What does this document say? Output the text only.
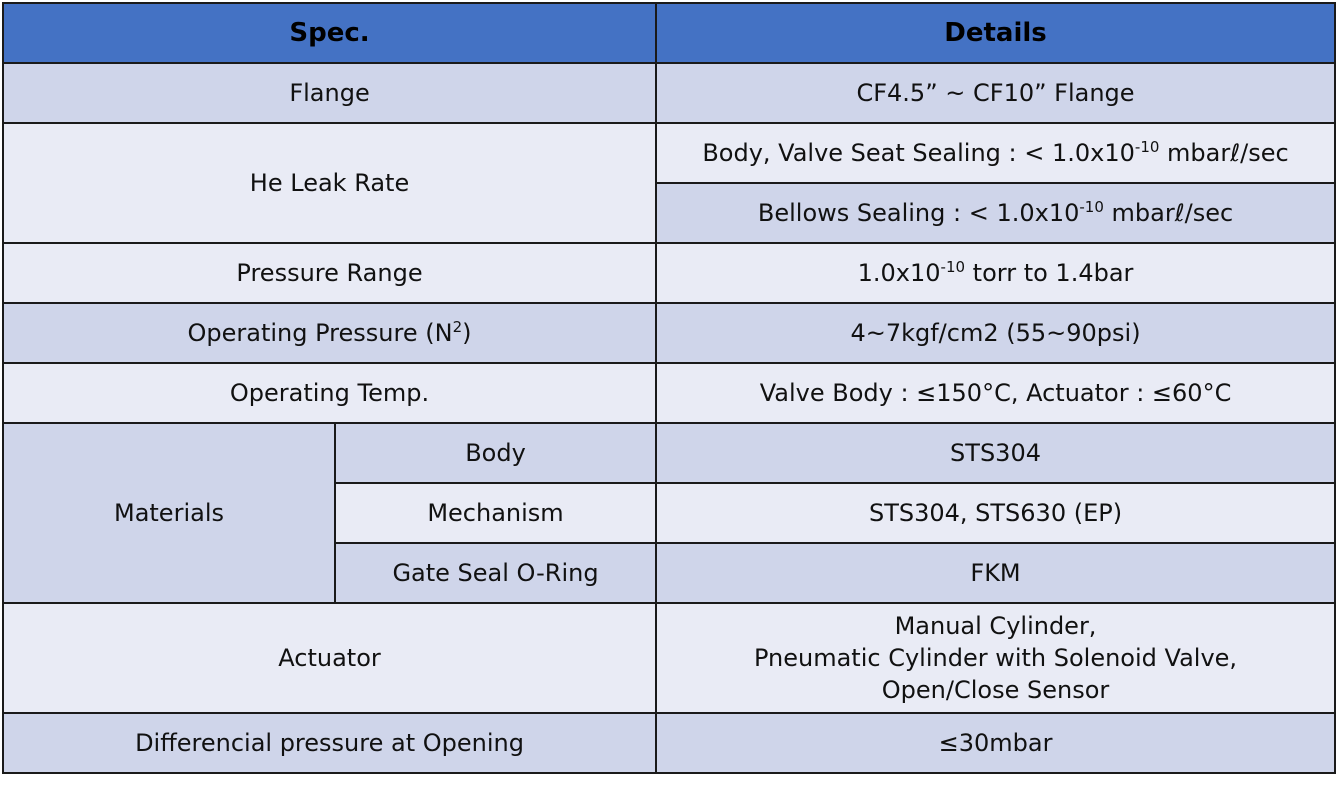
Spec.		Details
Flange		CF4.5” ~ CF10” Flange
He Leak Rate		Body, Valve Seat Sealing : < $1.0x10^{-10}$ mbarℓ/sec
		Bellows Sealing : < $1.0x10^{-10}$ mbarℓ/sec
Pressure Range		$1.0x10^{-10}$ torr to 1.4bar
Operating Pressure $(N^2)$		4~7kgf/cm2 (55~90psi)
Operating Temp.		Valve Body : ≤150°C, Actuator : ≤60°C
Materials	Body	STS304
	Mechanism	STS304, STS630 (EP)
	Gate Seal O-Ring	FKM
Actuator		Manual Cylinder,
Pneumatic Cylinder with Solenoid Valve,
Open/Close Sensor

Differencial pressure at Opening		≤30mbar
